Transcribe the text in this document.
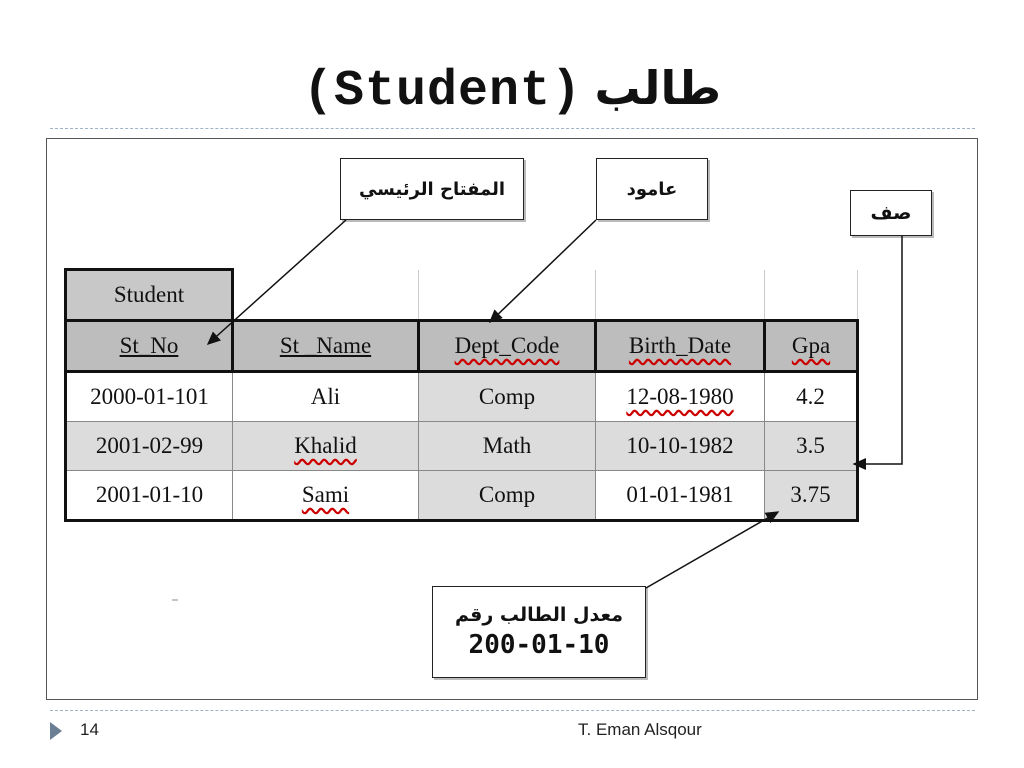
(Student) طالب
المفتاح الرئيسي	عامود
صف
معدل الطالب رقم
200-01-10
Student				
St_No	St _Name	Dept_Code	Birth_Date	Gpa
2000-01-101	Ali	Comp	12-08-1980	4.2
2001-02-99	Khalid	Math	10-10-1982	3.5
2001-01-10	Sami	Comp	01-01-1981	3.75
14	T. Eman Alsqour
